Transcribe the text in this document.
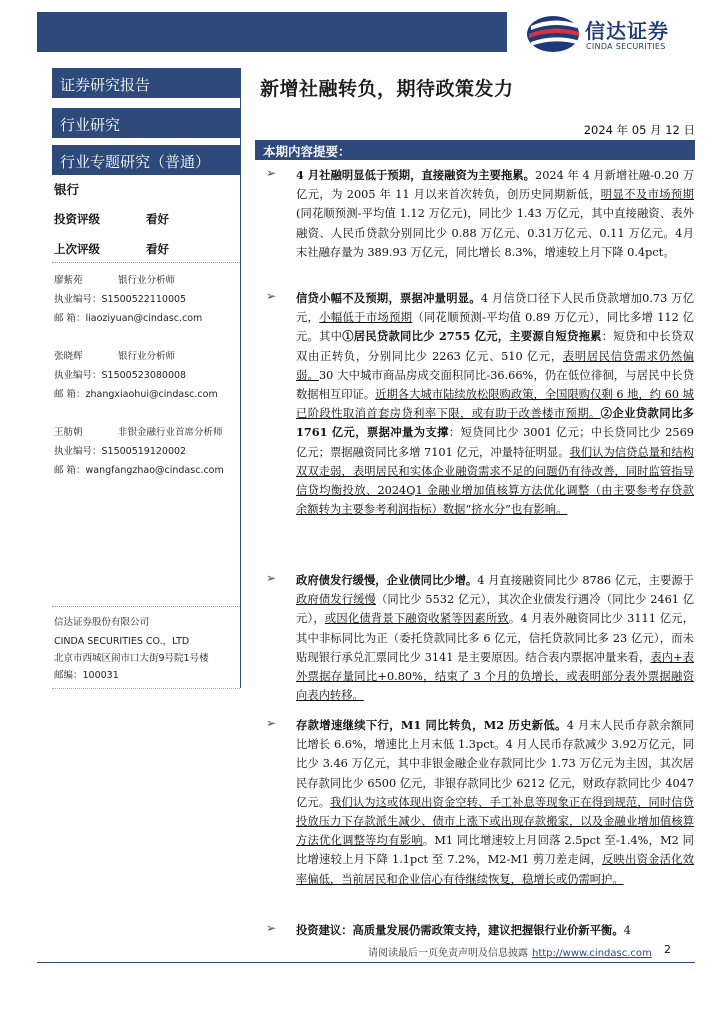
信达证券
CINDA SECURITIES
证券研究报告
行业研究
行业专题研究（普通）
银行
投资评级	看好
上次评级	看好
廖紫苑	银行业分析师
执业编号：S1500522110005
邮 箱：liaoziyuan@cindasc.com
张晓辉	银行业分析师
执业编号：S1500523080008
邮 箱：zhangxiaohui@cindasc.com
王舫朝	非银金融行业首席分析师
执业编号：S1500519120002
邮 箱：wangfangzhao@cindasc.com
信达证券股份有限公司
CINDA SECURITIES CO.，LTD
北京市西城区闹市口大街9号院1号楼
邮编：100031
新增社融转负，期待政策发力
2024 年 05 月 12 日
本期内容提要：
➢ 4 月社融明显低于预期，直接融资为主要拖累。2024 年 4 月新增社融-0.20 万亿元，为 2005 年 11 月以来首次转负，创历史同期新低，明显不及市场预期(同花顺预测-平均值 1.12 万亿元)，同比少 1.43 万亿元，其中直接融资、表外融资、人民币贷款分别同比少 0.88 万亿元、0.31万亿元、0.11 万亿元。4月末社融存量为 389.93 万亿元，同比增长 8.3%，增速较上月下降 0.4pct。
➢ 信贷小幅不及预期，票据冲量明显。4 月信贷口径下人民币贷款增加0.73 万亿元，小幅低于市场预期（同花顺预测-平均值 0.89 万亿元），同比多增 112 亿元。其中①居民贷款同比少 2755 亿元，主要源自短贷拖累：短贷和中长贷双双由正转负，分别同比少 2263 亿元、510 亿元，表明居民信贷需求仍然偏弱。30 大中城市商品房成交面积同比-36.66%，仍在低位徘徊，与居民中长贷数据相互印证。近期各大城市陆续放松限购政策，全国限购仅剩 6 地，约 60 城已阶段性取消首套房贷利率下限，或有助于改善楼市预期。②企业贷款同比多 1761 亿元，票据冲量为支撑：短贷同比少 3001 亿元；中长贷同比少 2569 亿元；票据融资同比多增 7101 亿元，冲量特征明显。我们认为信贷总量和结构双双走弱，表明居民和实体企业融资需求不足的问题仍有待改善，同时监管指导信贷均衡投放、2024Q1 金融业增加值核算方法优化调整（由主要参考存贷款余额转为主要参考利润指标）数据“挤水分”也有影响。
➢ 政府债发行缓慢，企业债同比少增。4 月直接融资同比少 8786 亿元，主要源于政府债发行缓慢（同比少 5532 亿元），其次企业债发行遇冷（同比少 2461 亿元），或因化债背景下融资收紧等因素所致。4 月表外融资同比少 3111 亿元，其中非标同比为正（委托贷款同比多 6 亿元，信托贷款同比多 23 亿元），而未贴现银行承兑汇票同比少 3141 是主要原因。结合表内票据冲量来看，表内+表外票据存量同比+0.80%，结束了 3 个月的负增长，或表明部分表外票据融资向表内转移。
➢ 存款增速继续下行，M1 同比转负，M2 历史新低。4 月末人民币存款余额同比增长 6.6%，增速比上月末低 1.3pct。4 月人民币存款减少 3.92万亿元，同比少 3.46 万亿元，其中非银金融企业存款同比少 1.73 万亿元为主因，其次居民存款同比少 6500 亿元，非银存款同比少 6212 亿元，财政存款同比少 4047 亿元。我们认为这或体现出资金空转、手工补息等现象正在得到规范，同时信贷投放压力下存款派生减少、债市上涨下或出现存款搬家，以及金融业增加值核算方法优化调整等均有影响。M1 同比增速较上月回落 2.5pct 至-1.4%，M2 同比增速较上月下降 1.1pct 至 7.2%，M2-M1 剪刀差走阔，反映出资金活化效率偏低，当前居民和企业信心有待继续恢复，稳增长或仍需呵护。
➢ 投资建议：高质量发展仍需政策支持，建议把握银行业价新平衡。4
请阅读最后一页免责声明及信息披露 http://www.cindasc.com 2
